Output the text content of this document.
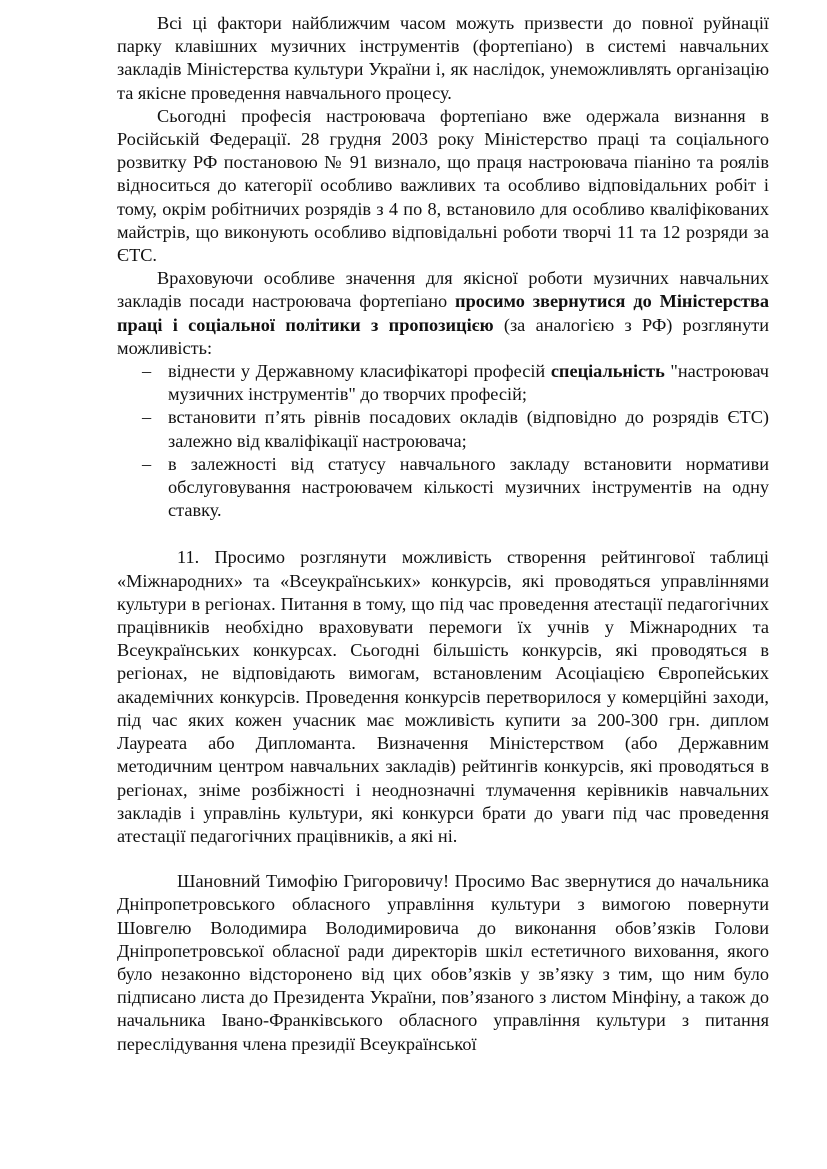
Всі ці фактори найближчим часом можуть призвести до повної руйнації парку клавішних музичних інструментів (фортепіано) в системі навчальних закладів Міністерства культури України і, як наслідок, унеможливлять організацію та якісне проведення навчального процесу.

Сьогодні професія настроювача фортепіано вже одержала визнання в Російській Федерації. 28 грудня 2003 року Міністерство праці та соціального розвитку РФ постановою № 91 визнало, що праця настроювача піаніно та роялів відноситься до категорії особливо важливих та особливо відповідальних робіт і тому, окрім робітничих розрядів з 4 по 8, встановило для особливо кваліфікованих майстрів, що виконують особливо відповідальні роботи творчі 11 та 12 розряди за ЄТС.

Враховуючи особливе значення для якісної роботи музичних навчальних закладів посади настроювача фортепіано просимо звернутися до Міністерства праці і соціальної політики з пропозицією (за аналогією з РФ) розглянути можливість:

– віднести у Державному класифікаторі професій спеціальність "настроювач музичних інструментів" до творчих професій;
– встановити п’ять рівнів посадових окладів (відповідно до розрядів ЄТС) залежно від кваліфікації настроювача;
– в залежності від статусу навчального закладу встановити нормативи обслуговування настроювачем кількості музичних інструментів на одну ставку.

11. Просимо розглянути можливість створення рейтингової таблиці «Міжнародних» та «Всеукраїнських» конкурсів, які проводяться управліннями культури в регіонах. Питання в тому, що під час проведення атестації педагогічних працівників необхідно враховувати перемоги їх учнів у Міжнародних та Всеукраїнських конкурсах. Сьогодні більшість конкурсів, які проводяться в регіонах, не відповідають вимогам, встановленим Асоціацією Європейських академічних конкурсів. Проведення конкурсів перетворилося у комерційні заходи, під час яких кожен учасник має можливість купити за 200-300 грн. диплом Лауреата або Дипломанта. Визначення Міністерством (або Державним методичним центром навчальних закладів) рейтингів конкурсів, які проводяться в регіонах, зніме розбіжності і неоднозначні тлумачення керівників навчальних закладів і управлінь культури, які конкурси брати до уваги під час проведення атестації педагогічних працівників, а які ні.

Шановний Тимофію Григоровичу! Просимо Вас звернутися до начальника Дніпропетровського обласного управління культури з вимогою повернути Шовгелю Володимира Володимировича до виконання обов’язків Голови Дніпропетровської обласної ради директорів шкіл естетичного виховання, якого було незаконно відсторонено від цих обов’язків у зв’язку з тим, що ним було підписано листа до Президента України, пов’язаного з листом Мінфіну, а також до начальника Івано-Франківського обласного управління культури з питання переслідування члена президії Всеукраїнської
